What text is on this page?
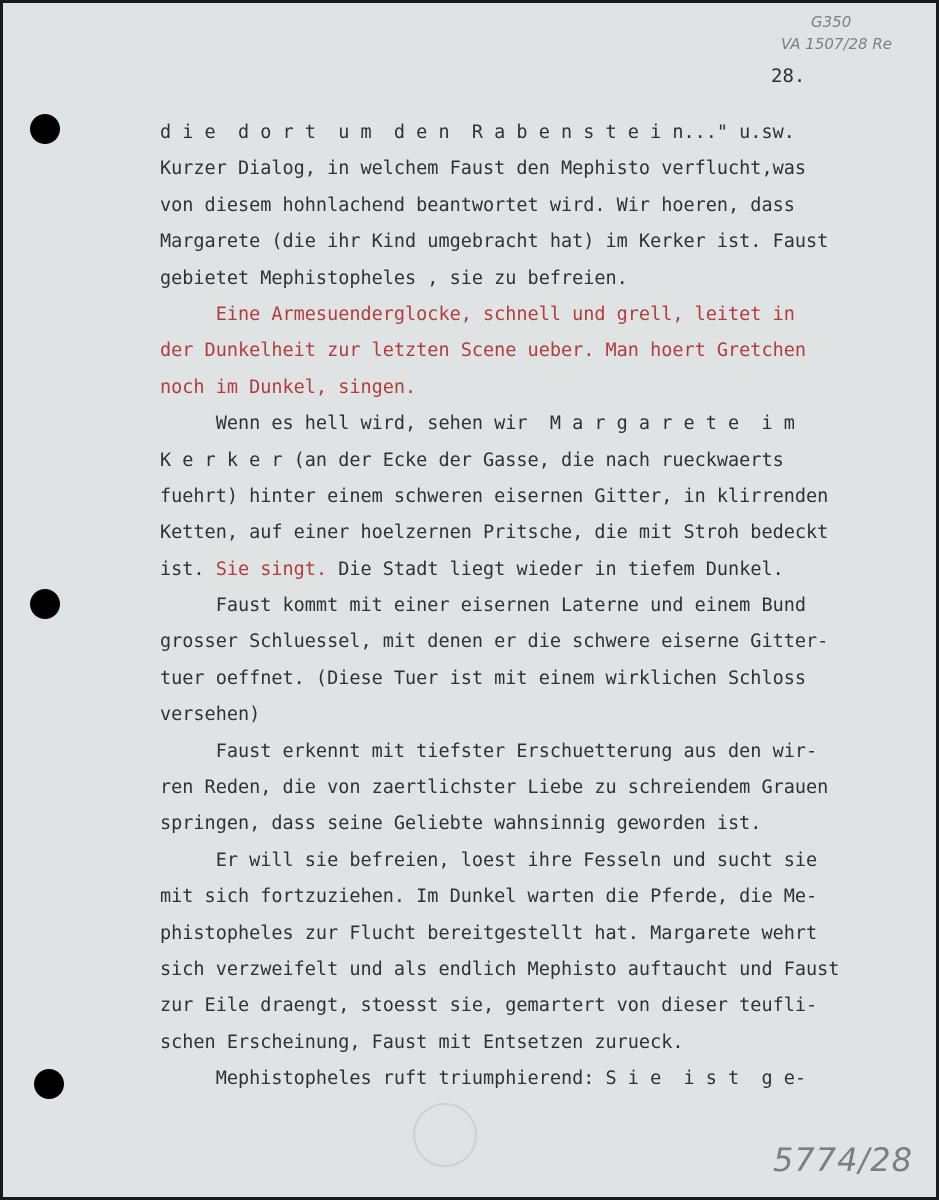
G350
VA 1507/28 Re
28.
d i e  d o r t  u m  d e n  R a b e n s t e i n..." u.sw.
Kurzer Dialog, in welchem Faust den Mephisto verflucht,was
von diesem hohnlachend beantwortet wird. Wir hoeren, dass
Margarete (die ihr Kind umgebracht hat) im Kerker ist. Faust
gebietet Mephistopheles , sie zu befreien.
Eine Armesuenderglocke, schnell und grell, leitet in
der Dunkelheit zur letzten Scene ueber. Man hoert Gretchen
noch im Dunkel, singen.
Wenn es hell wird, sehen wir  M a r g a r e t e  i m
K e r k e r (an der Ecke der Gasse, die nach rueckwaerts
fuehrt) hinter einem schweren eisernen Gitter, in klirrenden
Ketten, auf einer hoelzernen Pritsche, die mit Stroh bedeckt
ist. Sie singt. Die Stadt liegt wieder in tiefem Dunkel.
Faust kommt mit einer eisernen Laterne und einem Bund
grosser Schluessel, mit denen er die schwere eiserne Gitter-
tuer oeffnet. (Diese Tuer ist mit einem wirklichen Schloss
versehen)
Faust erkennt mit tiefster Erschuetterung aus den wir-
ren Reden, die von zaertlichster Liebe zu schreiendem Grauen
springen, dass seine Geliebte wahnsinnig geworden ist.
Er will sie befreien, loest ihre Fesseln und sucht sie
mit sich fortzuziehen. Im Dunkel warten die Pferde, die Me-
phistopheles zur Flucht bereitgestellt hat. Margarete wehrt
sich verzweifelt und als endlich Mephisto auftaucht und Faust
zur Eile draengt, stoesst sie, gemartert von dieser teufli-
schen Erscheinung, Faust mit Entsetzen zurueck.
Mephistopheles ruft triumphierend: S i e  i s t  g e-
5774/28
